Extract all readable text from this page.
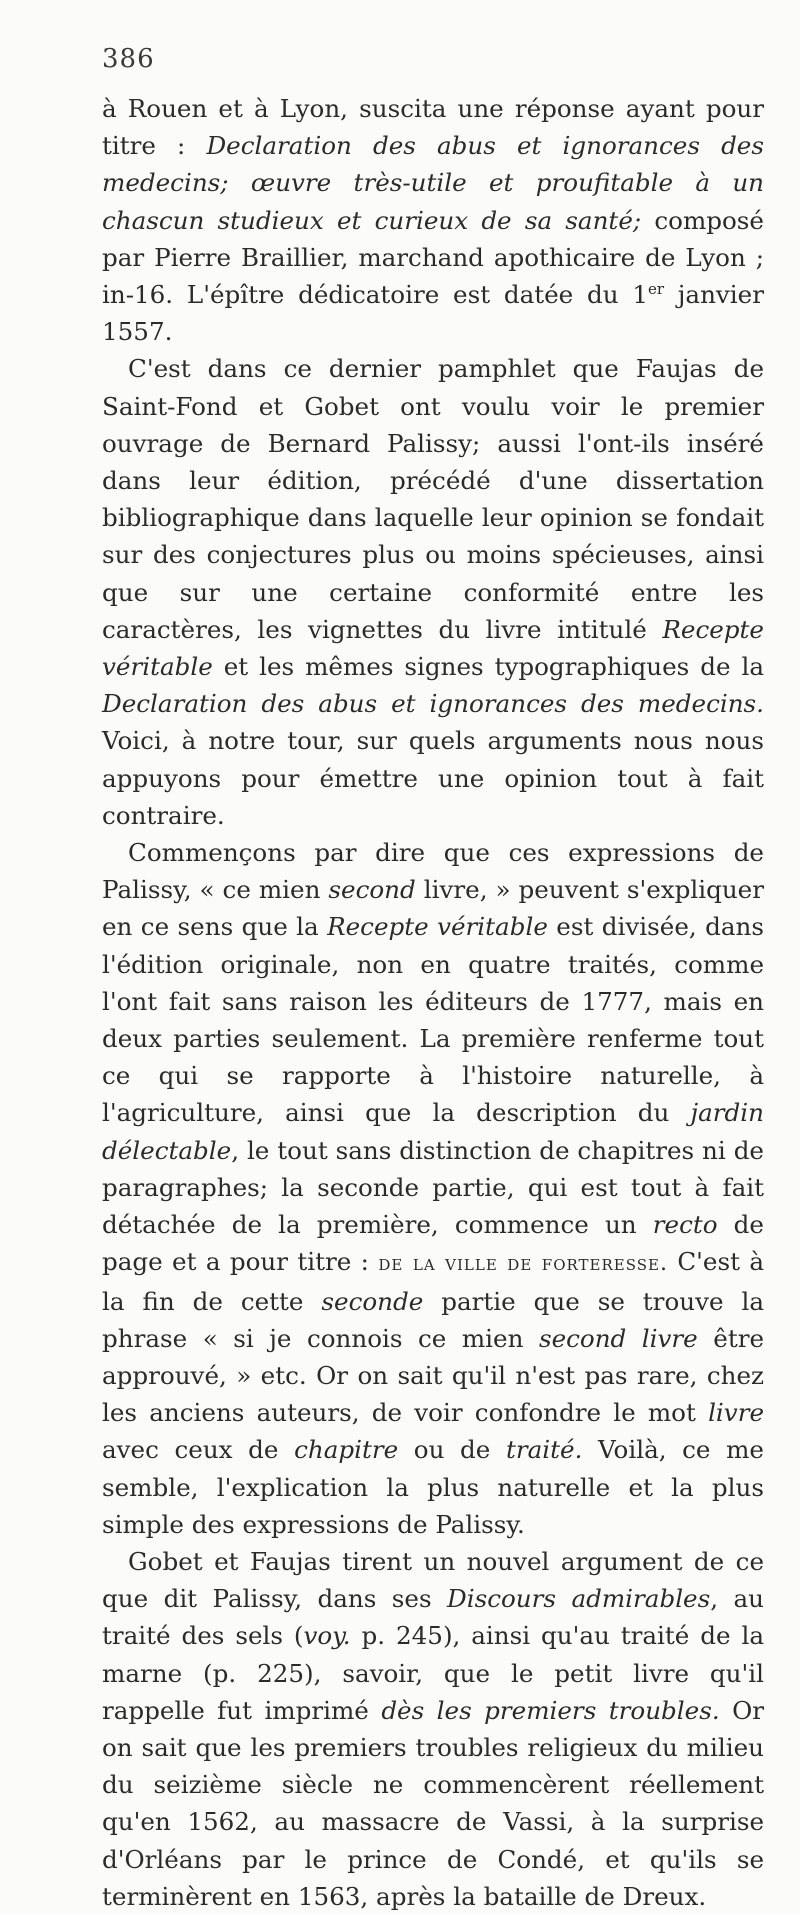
386

à Rouen et à Lyon, suscita une réponse ayant pour titre : Declaration des abus et ignorances des medecins; œuvre très-utile et proufitable à un chascun studieux et curieux de sa santé; composé par Pierre Braillier, marchand apothicaire de Lyon ; in-16. L'épître dédicatoire est datée du 1er janvier 1557.

C'est dans ce dernier pamphlet que Faujas de Saint-Fond et Gobet ont voulu voir le premier ouvrage de Bernard Palissy; aussi l'ont-ils inséré dans leur édition, précédé d'une dissertation bibliographique dans laquelle leur opinion se fondait sur des conjectures plus ou moins spécieuses, ainsi que sur une certaine conformité entre les caractères, les vignettes du livre intitulé Recepte véritable et les mêmes signes typographiques de la Declaration des abus et ignorances des medecins. Voici, à notre tour, sur quels arguments nous nous appuyons pour émettre une opinion tout à fait contraire.

Commençons par dire que ces expressions de Palissy, « ce mien second livre, » peuvent s'expliquer en ce sens que la Recepte véritable est divisée, dans l'édition originale, non en quatre traités, comme l'ont fait sans raison les éditeurs de 1777, mais en deux parties seulement. La première renferme tout ce qui se rapporte à l'histoire naturelle, à l'agriculture, ainsi que la description du jardin délectable, le tout sans distinction de chapitres ni de paragraphes; la seconde partie, qui est tout à fait détachée de la première, commence un recto de page et a pour titre : de la ville de forteresse. C'est à la fin de cette seconde partie que se trouve la phrase « si je connois ce mien second livre être approuvé, » etc. Or on sait qu'il n'est pas rare, chez les anciens auteurs, de voir confondre le mot livre avec ceux de chapitre ou de traité. Voilà, ce me semble, l'explication la plus naturelle et la plus simple des expressions de Palissy.

Gobet et Faujas tirent un nouvel argument de ce que dit Palissy, dans ses Discours admirables, au traité des sels (voy. p. 245), ainsi qu'au traité de la marne (p. 225), savoir, que le petit livre qu'il rappelle fut imprimé dès les premiers troubles. Or on sait que les premiers troubles religieux du milieu du seizième siècle ne commencèrent réellement qu'en 1562, au massacre de Vassi, à la surprise d'Orléans par le prince de Condé, et qu'ils se terminèrent en 1563, après la bataille de Dreux.
